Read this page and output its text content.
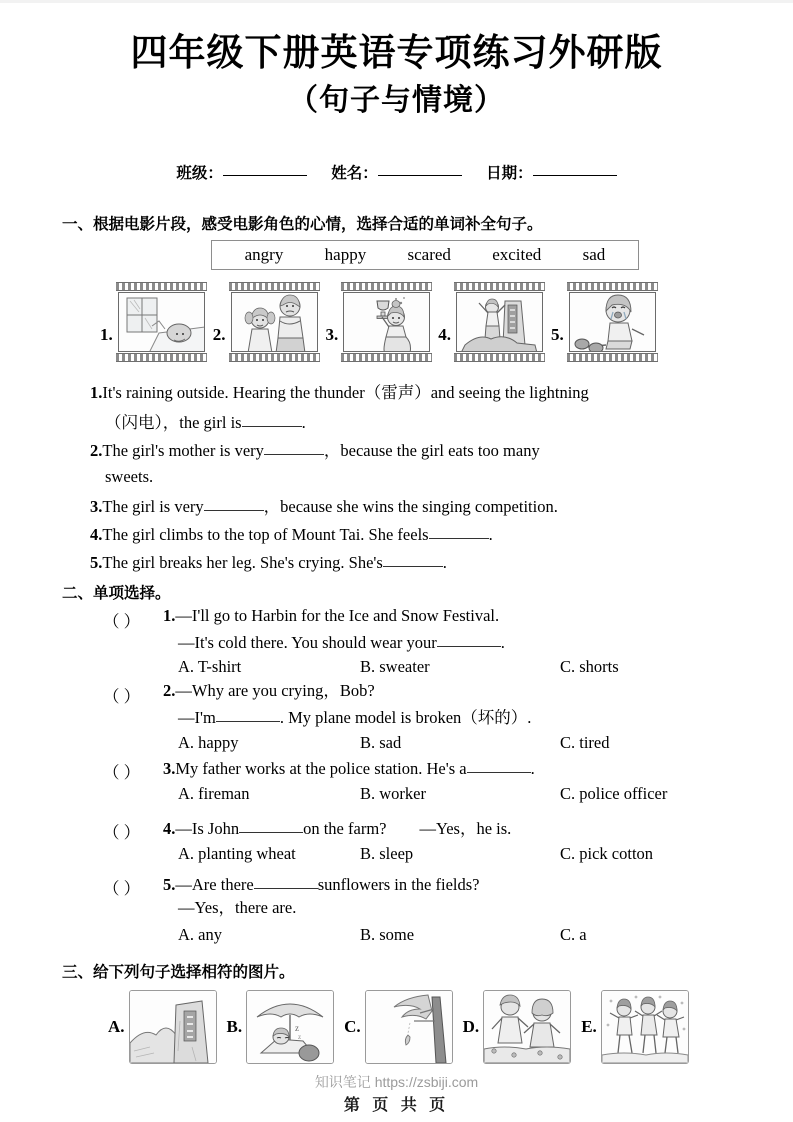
四年级下册英语专项练习外研版
（句子与情境）
班级：	姓名：	日期：
一、根据电影片段，感受电影角色的心情，选择合适的单词补全句子。
angry happy scared excited sad
1.	2.	3.	4.	5.
1.It's raining outside. Hearing the thunder（雷声）and seeing the lightning
（闪电），the girl is	.
2.The girl's mother is very	，because the girl eats too many
sweets.
3.The girl is very	，because she wins the singing competition.
4.The girl climbs to the top of Mount Tai. She feels	.
5.The girl breaks her leg. She's crying. She's	.
二、单项选择。
（ ） 1.—I'll go to Harbin for the Ice and Snow Festival.
—It's cold there. You should wear your	.
A. T-shirt	B. sweater	C. shorts
（ ） 2.—Why are you crying，Bob?
—I'm	. My plane model is broken（坏的）.
A. happy	B. sad	C. tired
（ ） 3.My father works at the police station. He's a	.
A. fireman	B. worker	C. police officer
（ ） 4.—Is John	on the farm?　　—Yes，he is.
A. planting wheat	B. sleep	C. pick cotton
（ ） 5.—Are there	sunflowers in the fields?
—Yes，there are.
A. any	B. some	C. a
三、给下列句子选择相符的图片。
A.	B.	z
z
C.	D.	E.
知识笔记 https://zsbiji.com
第 页 共 页
